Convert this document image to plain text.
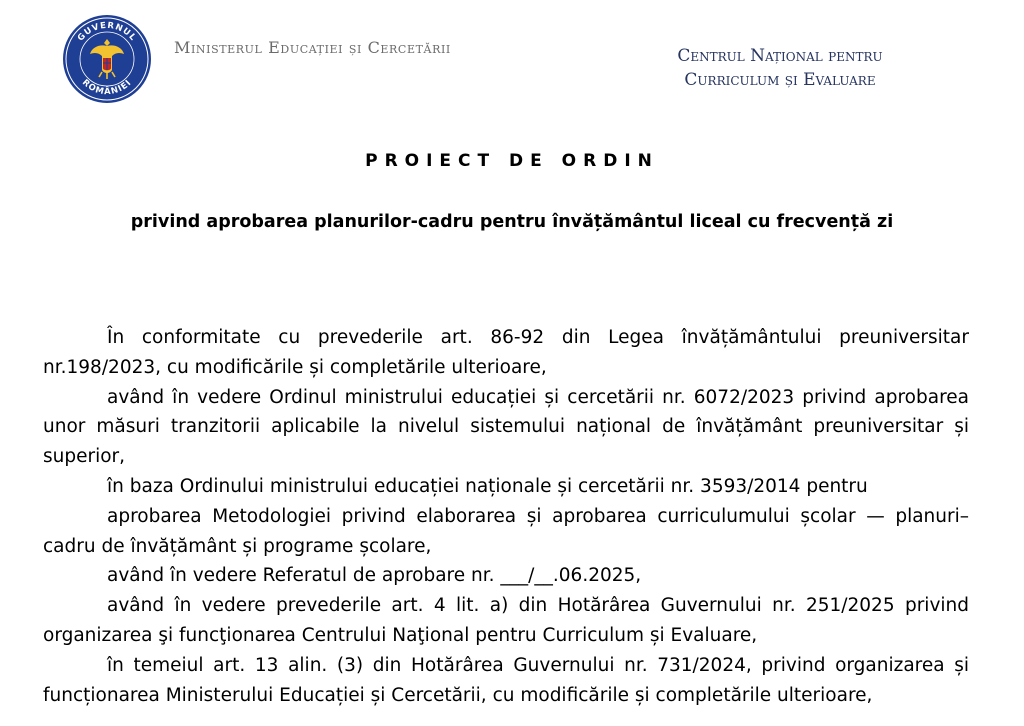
GUVERNUL
ROMÂNIEI
Ministerul Educației și Cercetării	Centrul Național pentru
Curriculum și Evaluare
PROIECT DE ORDIN
privind aprobarea planurilor-cadru pentru învățământul liceal cu frecvență zi

În conformitate cu prevederile art. 86-92 din Legea învățământului preuniversitar nr.198/2023, cu modificările și completările ulterioare,

având în vedere Ordinul ministrului educației și cercetării nr. 6072/2023 privind aprobarea unor măsuri tranzitorii aplicabile la nivelul sistemului național de învățământ preuniversitar și superior,

în baza Ordinului ministrului educației naționale și cercetării nr. 3593/2014 pentru

aprobarea Metodologiei privind elaborarea și aprobarea curriculumului școlar — planuri–cadru de învățământ și programe școlare,

având în vedere Referatul de aprobare nr. ___/__.06.2025,

având în vedere prevederile art. 4 lit. a) din Hotărârea Guvernului nr. 251/2025 privind organizarea şi funcţionarea Centrului Naţional pentru Curriculum și Evaluare,

în temeiul art. 13 alin. (3) din Hotărârea Guvernului nr. 731/2024, privind organizarea și funcționarea Ministerului Educației și Cercetării, cu modificările și completările ulterioare,
